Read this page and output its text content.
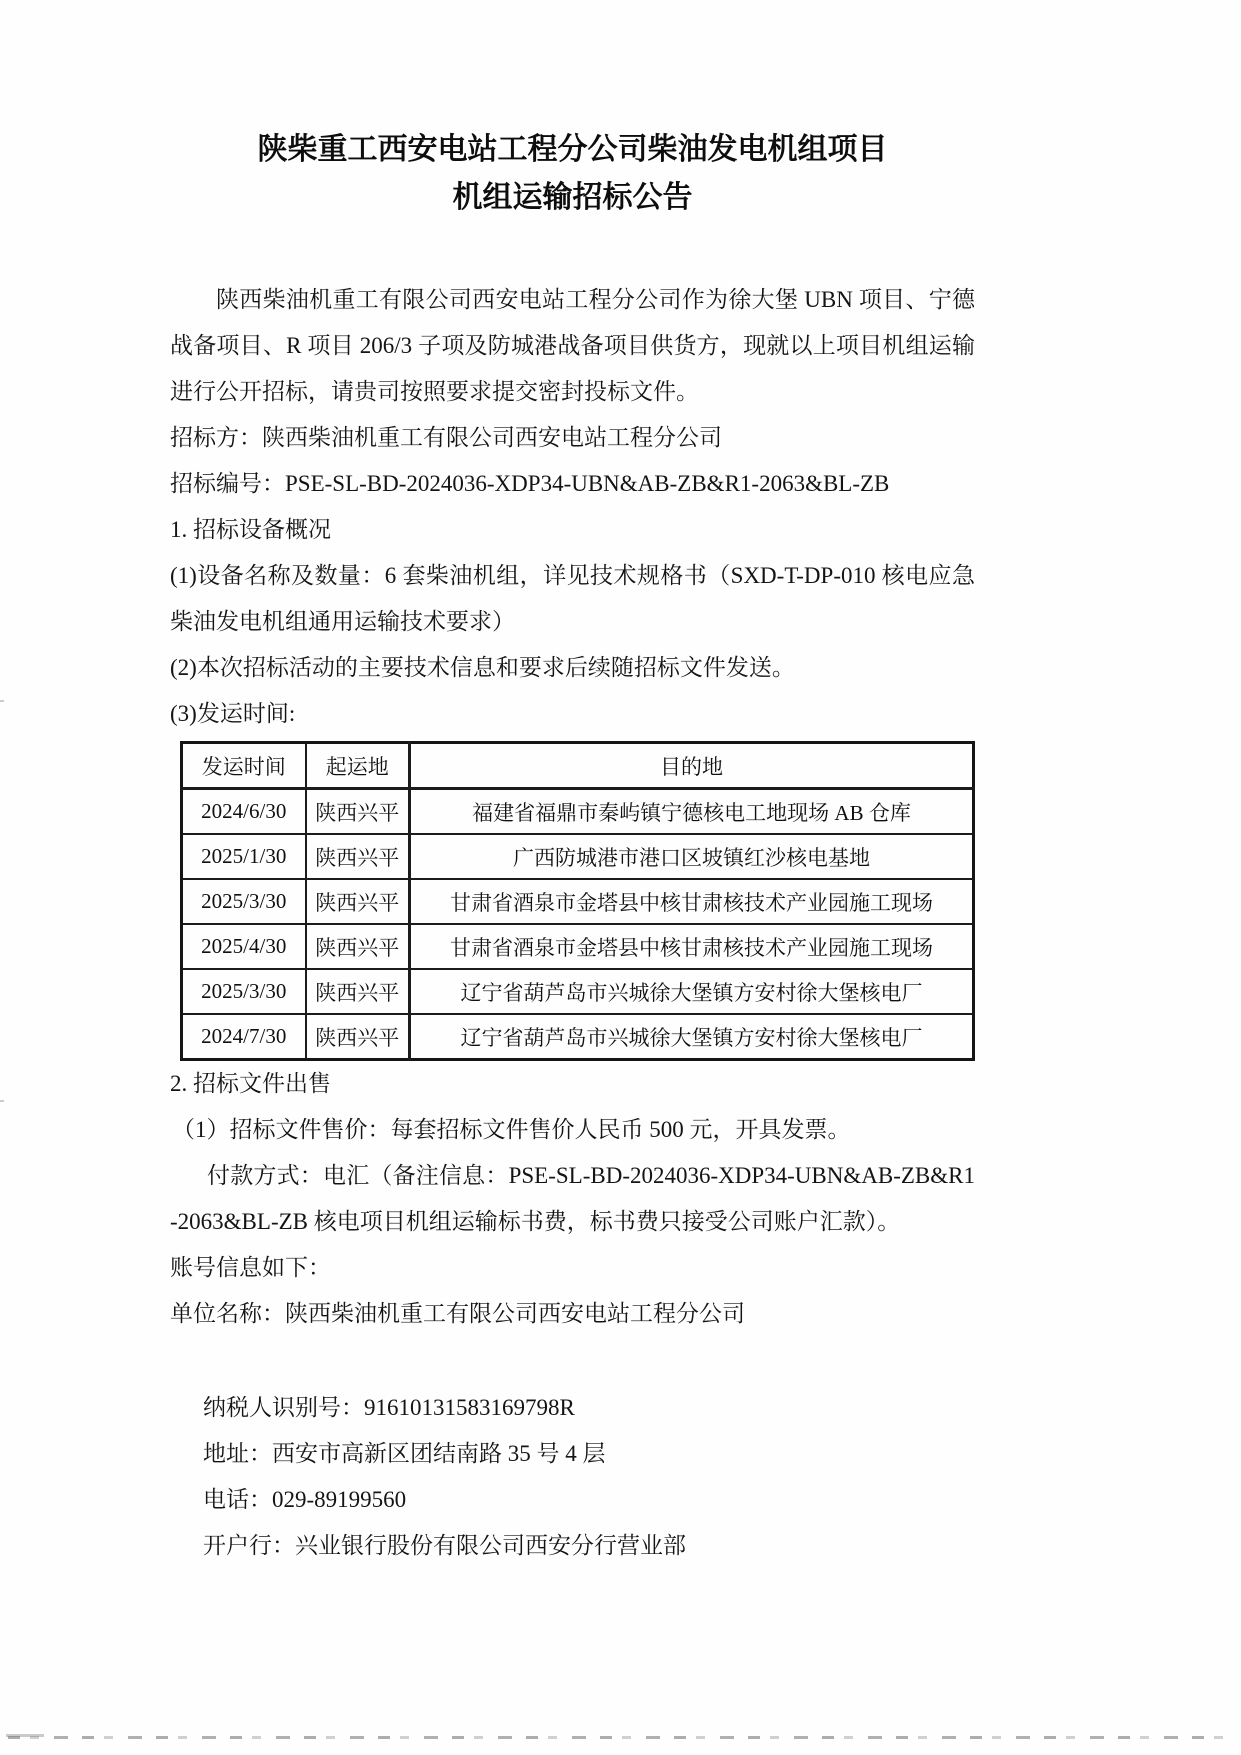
陕柴重工西安电站工程分公司柴油发电机组项目
机组运输招标公告

陕西柴油机重工有限公司西安电站工程分公司作为徐大堡 UBN 项目、宁德战备项目、R 项目 206/3 子项及防城港战备项目供货方，现就以上项目机组运输进行公开招标，请贵司按照要求提交密封投标文件。

招标方：陕西柴油机重工有限公司西安电站工程分公司

招标编号：PSE-SL-BD-2024036-XDP34-UBN&AB-ZB&R1-2063&BL-ZB

1. 招标设备概况

(1)设备名称及数量：6 套柴油机组，详见技术规格书（SXD-T-DP-010 核电应急柴油发电机组通用运输技术要求）

(2)本次招标活动的主要技术信息和要求后续随招标文件发送。

(3)发运时间:

发运时间	起运地	目的地
2024/6/30	陕西兴平	福建省福鼎市秦屿镇宁德核电工地现场 AB 仓库
2025/1/30	陕西兴平	广西防城港市港口区坡镇红沙核电基地
2025/3/30	陕西兴平	甘肃省酒泉市金塔县中核甘肃核技术产业园施工现场
2025/4/30	陕西兴平	甘肃省酒泉市金塔县中核甘肃核技术产业园施工现场
2025/3/30	陕西兴平	辽宁省葫芦岛市兴城徐大堡镇方安村徐大堡核电厂
2024/7/30	陕西兴平	辽宁省葫芦岛市兴城徐大堡镇方安村徐大堡核电厂

2. 招标文件出售

（1）招标文件售价：每套招标文件售价人民币 500 元，开具发票。

付款方式：电汇（备注信息：PSE-SL-BD-2024036-XDP34-UBN&AB-ZB&R1-2063&BL-ZB 核电项目机组运输标书费，标书费只接受公司账户汇款）。

账号信息如下：

单位名称：陕西柴油机重工有限公司西安电站工程分公司

纳税人识别号：91610131583169798R

地址：西安市高新区团结南路 35 号 4 层

电话：029-89199560

开户行：兴业银行股份有限公司西安分行营业部
